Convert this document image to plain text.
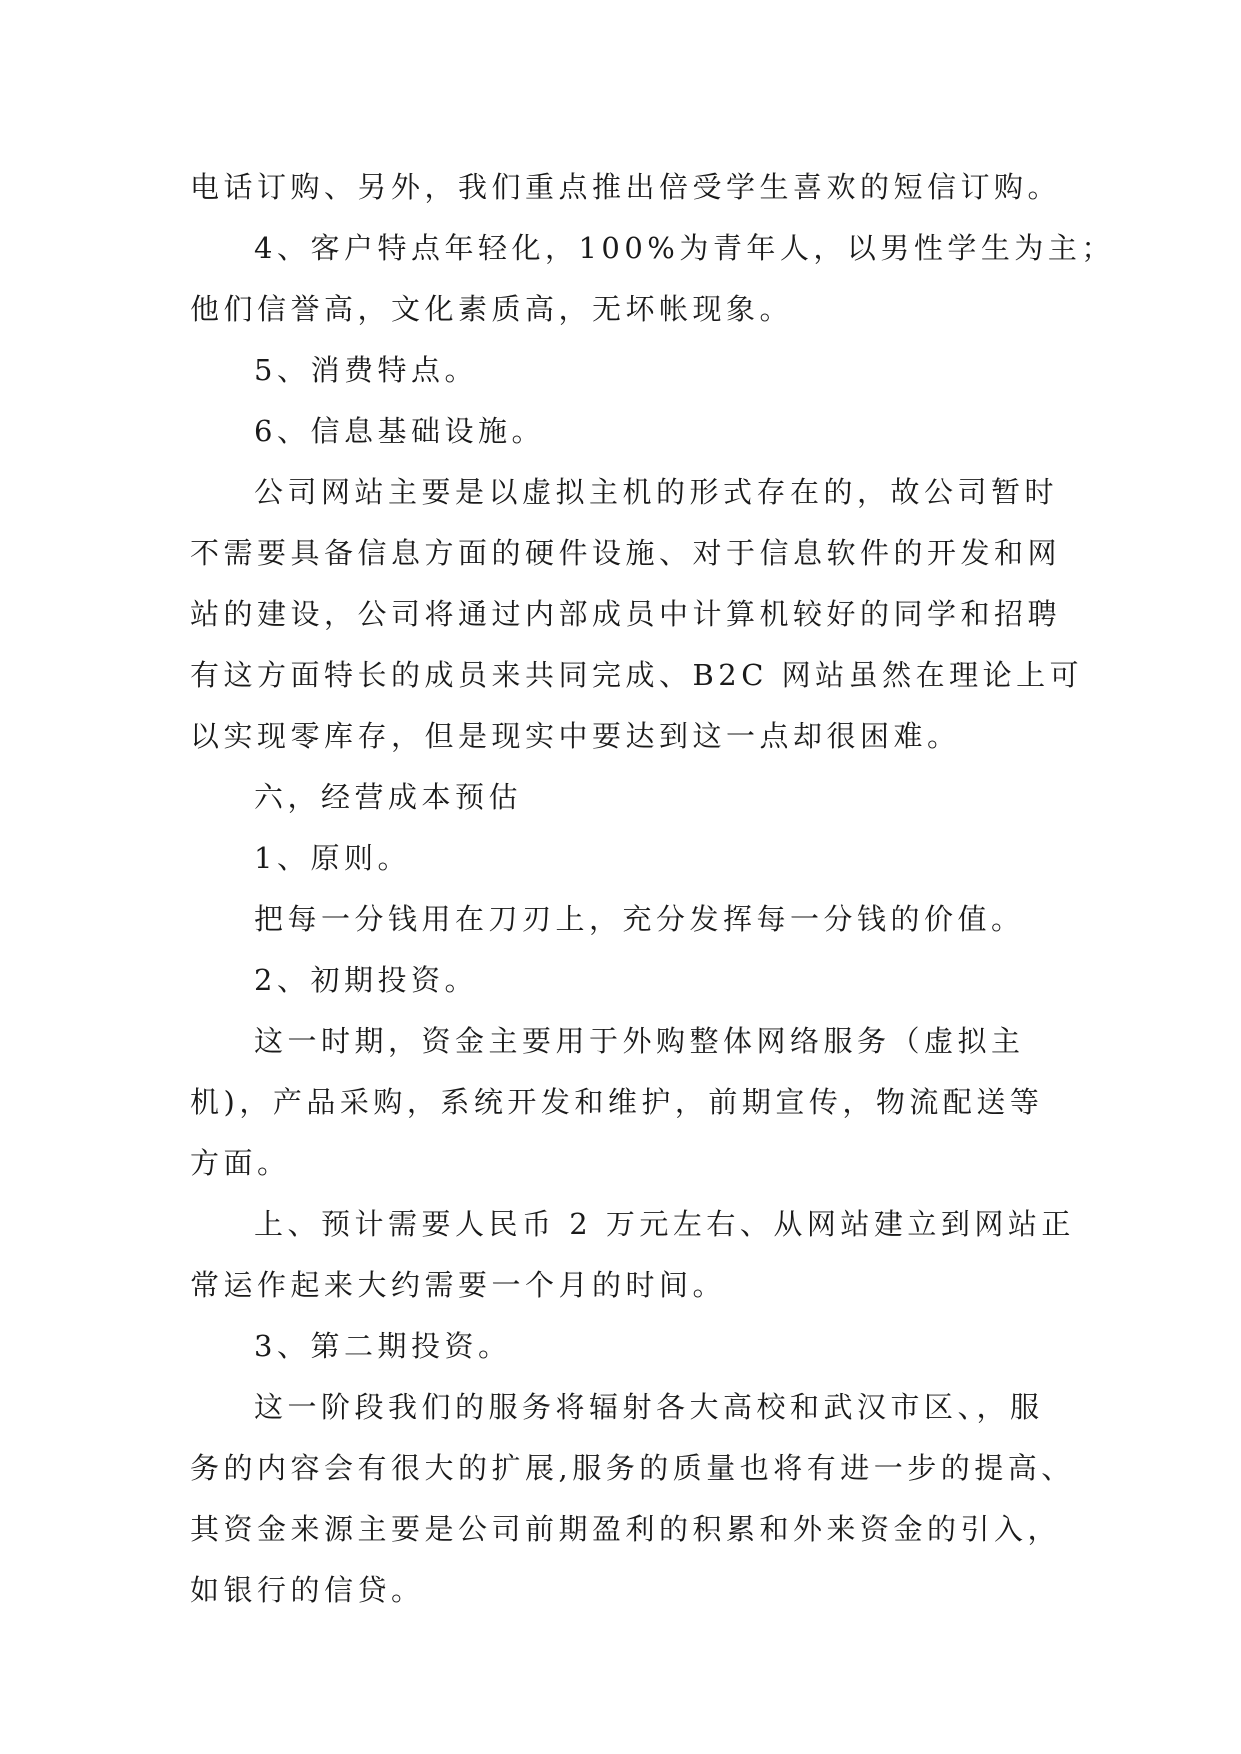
电话订购、另外，我们重点推出倍受学生喜欢的短信订购。
4、客户特点年轻化，100%为青年人，以男性学生为主；
他们信誉高，文化素质高，无坏帐现象。
5、消费特点。
6、信息基础设施。
公司网站主要是以虚拟主机的形式存在的，故公司暂时
不需要具备信息方面的硬件设施、对于信息软件的开发和网
站的建设，公司将通过内部成员中计算机较好的同学和招聘
有这方面特长的成员来共同完成、B2C 网站虽然在理论上可
以实现零库存，但是现实中要达到这一点却很困难。
六，经营成本预估
1、原则。
把每一分钱用在刀刃上，充分发挥每一分钱的价值。
2、初期投资。
这一时期，资金主要用于外购整体网络服务（虚拟主
机)，产品采购，系统开发和维护，前期宣传，物流配送等
方面。
上、预计需要人民币 2 万元左右、从网站建立到网站正
常运作起来大约需要一个月的时间。
3、第二期投资。
这一阶段我们的服务将辐射各大高校和武汉市区、，服
务的内容会有很大的扩展,服务的质量也将有进一步的提高、
其资金来源主要是公司前期盈利的积累和外来资金的引入，
如银行的信贷。
